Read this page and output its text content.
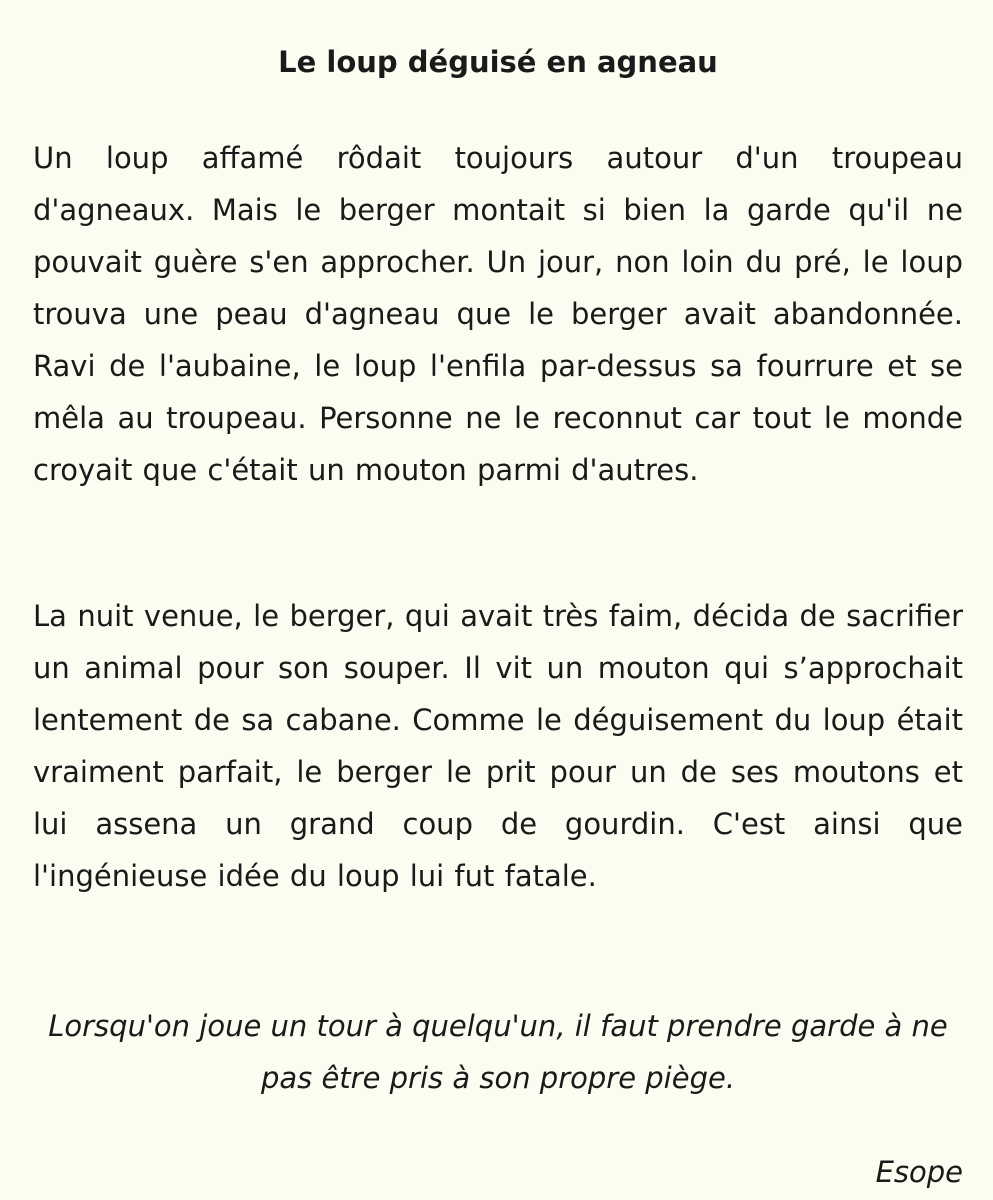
Le loup déguisé en agneau

Un loup affamé rôdait toujours autour d'un troupeau d'agneaux. Mais le berger montait si bien la garde qu'il ne pouvait guère s'en approcher. Un jour, non loin du pré, le loup trouva une peau d'agneau que le berger avait abandonnée. Ravi de l'aubaine, le loup l'enfila par-dessus sa fourrure et se mêla au troupeau. Personne ne le reconnut car tout le monde croyait que c'était un mouton parmi d'autres.

La nuit venue, le berger, qui avait très faim, décida de sacrifier un animal pour son souper. Il vit un mouton qui s’approchait lentement de sa cabane. Comme le déguisement du loup était vraiment parfait, le berger le prit pour un de ses moutons et lui assena un grand coup de gourdin. C'est ainsi que l'ingénieuse idée du loup lui fut fatale.

Lorsqu'on joue un tour à quelqu'un, il faut prendre garde à ne pas être pris à son propre piège.

Esope
